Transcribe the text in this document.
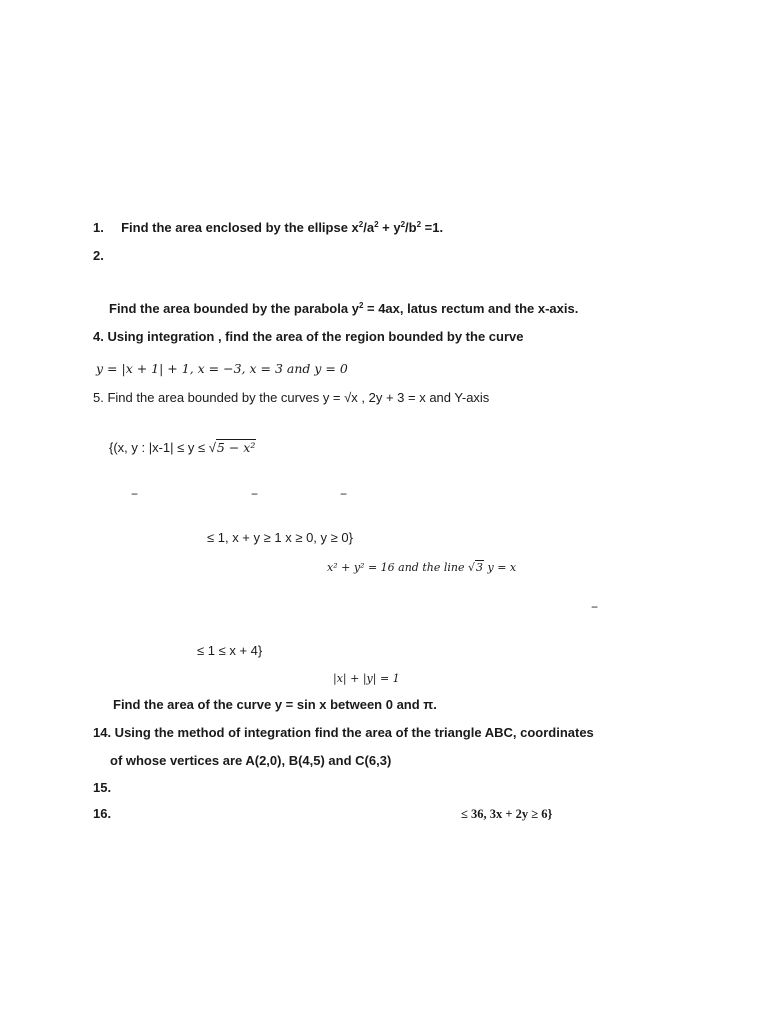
1. Find the area enclosed by the ellipse $x^2/a^2 + y^2/b^2 =1$.
2.
Find the area bounded by the parabola $y^2 = 4ax$, latus rectum and the x-axis.
4. Using integration , find the area of the region bounded by the curve
y = |x + 1| + 1, x = −3, x = 3 and y = 0
5. Find the area bounded by the curves y = √x , 2y + 3 = x and Y-axis
{(x, y : |x-1| ≤ y ≤ √5 − x²
−	−	−
≤ 1, x + y ≥ 1 x ≥ 0, y ≥ 0}
x² + y² = 16 and the line √3 y = x
−
≤ 1 ≤ x + 4}
|x| + |y| = 1
Find the area of the curve y = sin x between 0 and π.
14. Using the method of integration find the area of the triangle ABC, coordinates
of whose vertices are A(2,0), B(4,5) and C(6,3)
15.
16.	≤ 36, 3x + 2y ≥ 6}
